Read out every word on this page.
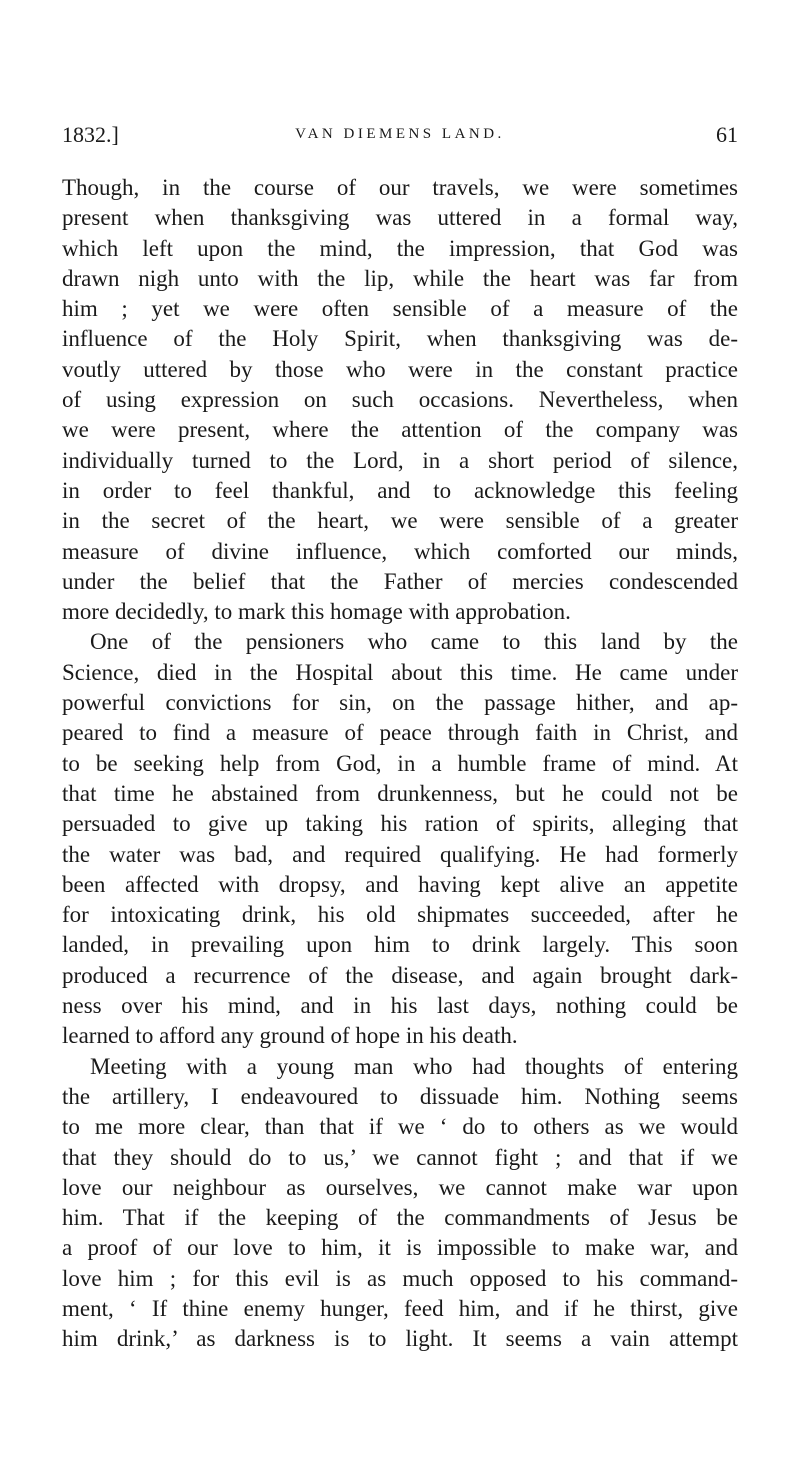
1832.]	VAN DIEMENS LAND.	61

Though, in the course of our travels, we were sometimes
present when thanksgiving was uttered in a formal way,
which left upon the mind, the impression, that God was
drawn nigh unto with the lip, while the heart was far from
him ; yet we were often sensible of a measure of the
influence of the Holy Spirit, when thanksgiving was de-
voutly uttered by those who were in the constant practice
of using expression on such occasions. Nevertheless, when
we were present, where the attention of the company was
individually turned to the Lord, in a short period of silence,
in order to feel thankful, and to acknowledge this feeling
in the secret of the heart, we were sensible of a greater
measure of divine influence, which comforted our minds,
under the belief that the Father of mercies condescended
more decidedly, to mark this homage with approbation.

One of the pensioners who came to this land by the
Science, died in the Hospital about this time. He came under
powerful convictions for sin, on the passage hither, and ap-
peared to find a measure of peace through faith in Christ, and
to be seeking help from God, in a humble frame of mind. At
that time he abstained from drunkenness, but he could not be
persuaded to give up taking his ration of spirits, alleging that
the water was bad, and required qualifying. He had formerly
been affected with dropsy, and having kept alive an appetite
for intoxicating drink, his old shipmates succeeded, after he
landed, in prevailing upon him to drink largely. This soon
produced a recurrence of the disease, and again brought dark-
ness over his mind, and in his last days, nothing could be
learned to afford any ground of hope in his death.

Meeting with a young man who had thoughts of entering
the artillery, I endeavoured to dissuade him. Nothing seems
to me more clear, than that if we ‘ do to others as we would
that they should do to us,’ we cannot fight ; and that if we
love our neighbour as ourselves, we cannot make war upon
him. That if the keeping of the commandments of Jesus be
a proof of our love to him, it is impossible to make war, and
love him ; for this evil is as much opposed to his command-
ment, ‘ If thine enemy hunger, feed him, and if he thirst, give
him drink,’ as darkness is to light. It seems a vain attempt
